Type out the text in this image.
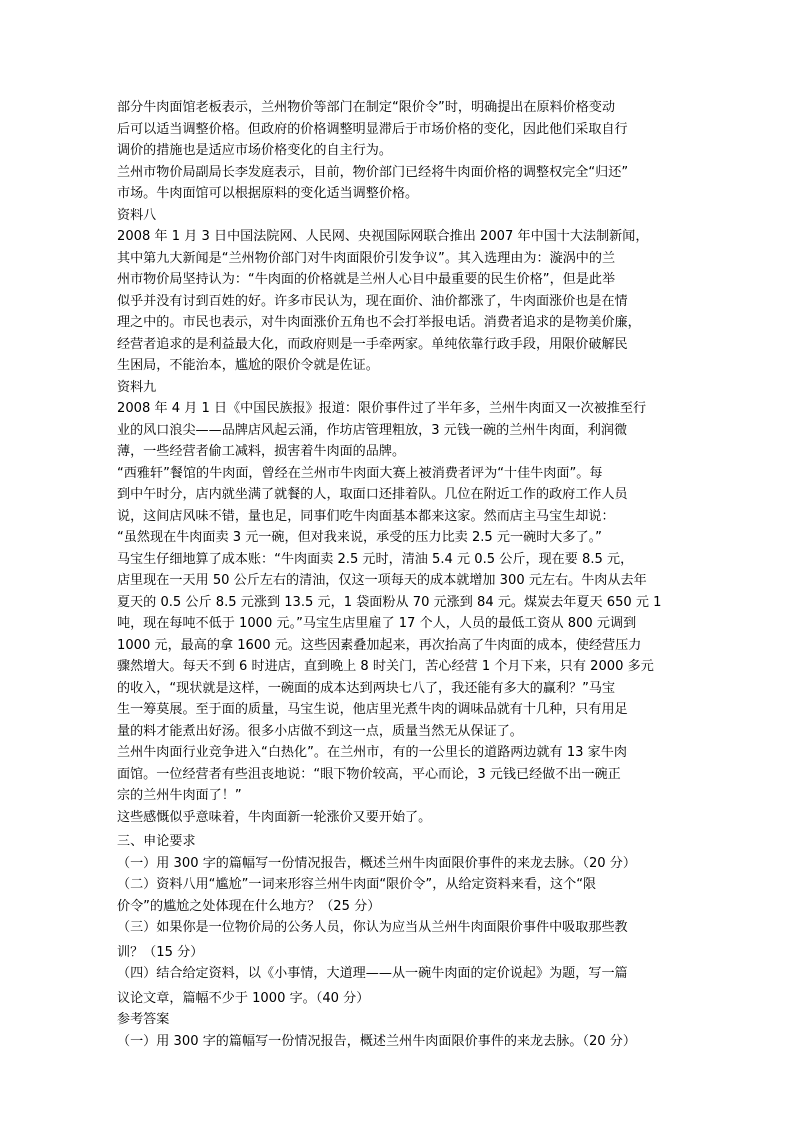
部分牛肉面馆老板表示，兰州物价等部门在制定“限价令”时，明确提出在原料价格变动
后可以适当调整价格。但政府的价格调整明显滞后于市场价格的变化，因此他们采取自行
调价的措施也是适应市场价格变化的自主行为。
兰州市物价局副局长李发庭表示，目前，物价部门已经将牛肉面价格的调整权完全“归还”
市场。牛肉面馆可以根据原料的变化适当调整价格。
资料八
2008 年 1 月 3 日中国法院网、人民网、央视国际网联合推出 2007 年中国十大法制新闻，
其中第九大新闻是“兰州物价部门对牛肉面限价引发争议”。其入选理由为：漩涡中的兰
州市物价局坚持认为：“牛肉面的价格就是兰州人心目中最重要的民生价格”，但是此举
似乎并没有讨到百姓的好。许多市民认为，现在面价、油价都涨了，牛肉面涨价也是在情
理之中的。市民也表示，对牛肉面涨价五角也不会打举报电话。消费者追求的是物美价廉，
经营者追求的是利益最大化，而政府则是一手牵两家。单纯依靠行政手段，用限价破解民
生困局，不能治本，尴尬的限价令就是佐证。
资料九
2008 年 4 月 1 日《中国民族报》报道：限价事件过了半年多，兰州牛肉面又一次被推至行
业的风口浪尖——品牌店风起云涌，作坊店管理粗放，3 元钱一碗的兰州牛肉面，利润微
薄，一些经营者偷工减料，损害着牛肉面的品牌。
“西雅轩”餐馆的牛肉面，曾经在兰州市牛肉面大赛上被消费者评为“十佳牛肉面”。每
到中午时分，店内就坐满了就餐的人，取面口还排着队。几位在附近工作的政府工作人员
说，这间店风味不错，量也足，同事们吃牛肉面基本都来这家。然而店主马宝生却说：
“虽然现在牛肉面卖 3 元一碗，但对我来说，承受的压力比卖 2.5 元一碗时大多了。”
马宝生仔细地算了成本账：“牛肉面卖 2.5 元时，清油 5.4 元 0.5 公斤，现在要 8.5 元，
店里现在一天用 50 公斤左右的清油，仅这一项每天的成本就增加 300 元左右。牛肉从去年
夏天的 0.5 公斤 8.5 元涨到 13.5 元，1 袋面粉从 70 元涨到 84 元。煤炭去年夏天 650 元 1
吨，现在每吨不低于 1000 元。”马宝生店里雇了 17 个人，人员的最低工资从 800 元调到
1000 元，最高的拿 1600 元。这些因素叠加起来，再次抬高了牛肉面的成本，使经营压力
骤然增大。每天不到 6 时进店，直到晚上 8 时关门，苦心经营 1 个月下来，只有 2000 多元
的收入，“现状就是这样，一碗面的成本达到两块七八了，我还能有多大的赢利？”马宝
生一筹莫展。至于面的质量，马宝生说，他店里光煮牛肉的调味品就有十几种，只有用足
量的料才能煮出好汤。很多小店做不到这一点，质量当然无从保证了。
兰州牛肉面行业竞争进入“白热化”。在兰州市，有的一公里长的道路两边就有 13 家牛肉
面馆。一位经营者有些沮丧地说：“眼下物价较高，平心而论，3 元钱已经做不出一碗正
宗的兰州牛肉面了！”
这些感慨似乎意味着，牛肉面新一轮涨价又要开始了。
三、申论要求
（一）用 300 字的篇幅写一份情况报告，概述兰州牛肉面限价事件的来龙去脉。（20 分）
（二）资料八用“尴尬”一词来形容兰州牛肉面“限价令”，从给定资料来看，这个“限
价令”的尴尬之处体现在什么地方？（25 分）
（三）如果你是一位物价局的公务人员，你认为应当从兰州牛肉面限价事件中吸取那些教
训？（15 分）
（四）结合给定资料，以《小事情，大道理——从一碗牛肉面的定价说起》为题，写一篇
议论文章，篇幅不少于 1000 字。（40 分）
参考答案
（一）用 300 字的篇幅写一份情况报告，概述兰州牛肉面限价事件的来龙去脉。（20 分）
